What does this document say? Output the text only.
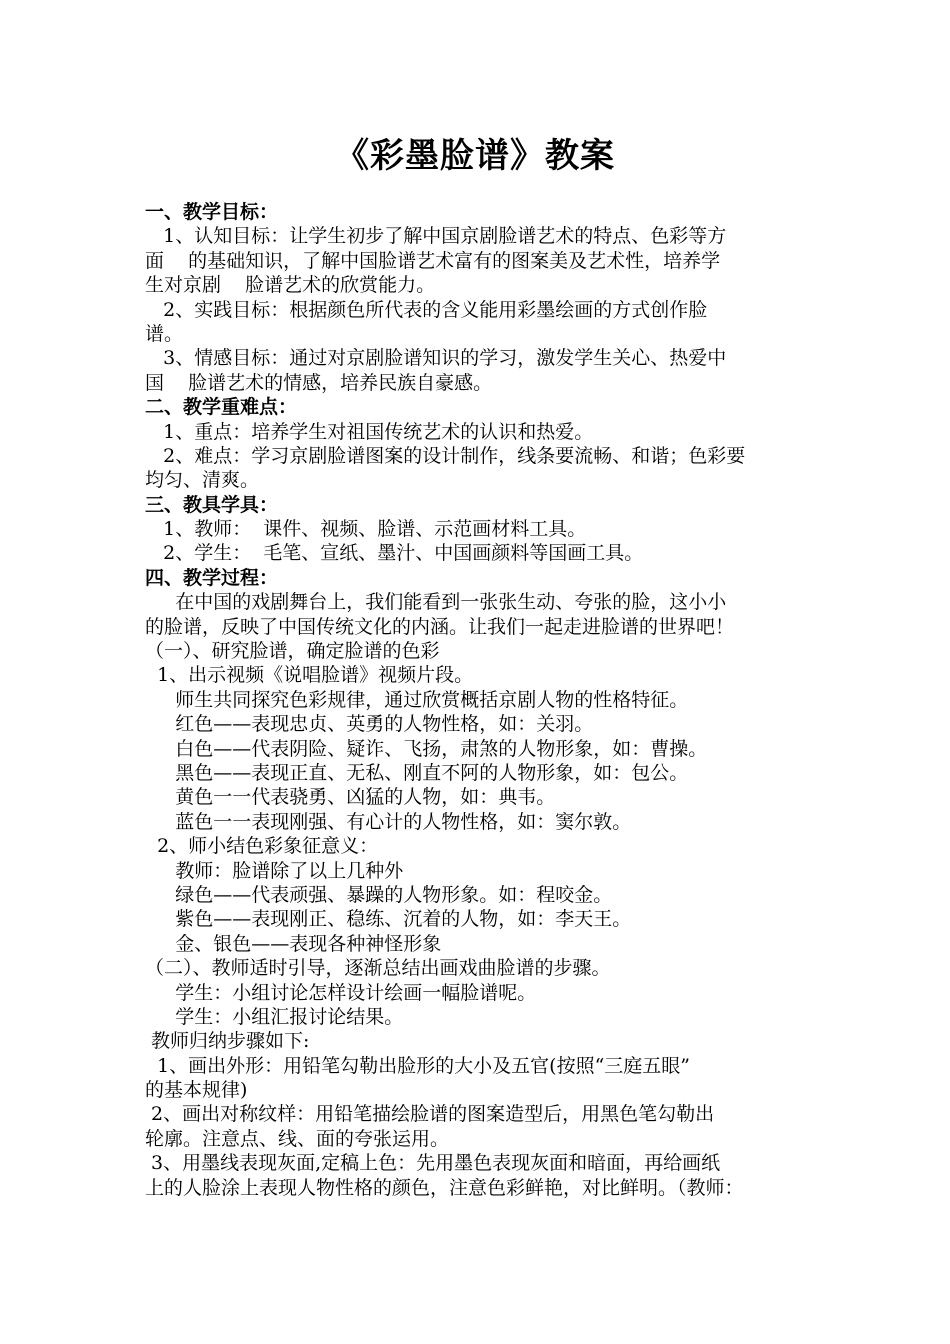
《彩墨脸谱》教案
一、教学目标：
1、认知目标：让学生初步了解中国京剧脸谱艺术的特点、色彩等方
面    的基础知识，了解中国脸谱艺术富有的图案美及艺术性，培养学
生对京剧    脸谱艺术的欣赏能力。
2、实践目标：根据颜色所代表的含义能用彩墨绘画的方式创作脸
谱。
3、情感目标：通过对京剧脸谱知识的学习，激发学生关心、热爱中
国    脸谱艺术的情感，培养民族自豪感。
二、教学重难点：
1、重点：培养学生对祖国传统艺术的认识和热爱。
2、难点：学习京剧脸谱图案的设计制作，线条要流畅、和谐；色彩要
均匀、清爽。
三、教具学具：
1、教师：  课件、视频、脸谱、示范画材料工具。
2、学生：  毛笔、宣纸、墨汁、中国画颜料等国画工具。
四、教学过程：
在中国的戏剧舞台上，我们能看到一张张生动、夸张的脸，这小小
的脸谱，反映了中国传统文化的内涵。让我们一起走进脸谱的世界吧！
（一）、研究脸谱，确定脸谱的色彩
1、出示视频《说唱脸谱》视频片段。
师生共同探究色彩规律，通过欣赏概括京剧人物的性格特征。
红色——表现忠贞、英勇的人物性格，如：关羽。
白色——代表阴险、疑诈、飞扬，肃煞的人物形象，如：曹操。
黑色——表现正直、无私、刚直不阿的人物形象，如：包公。
黄色一一代表骁勇、凶猛的人物，如：典韦。
蓝色一一表现刚强、有心计的人物性格，如：窦尔敦。
2、师小结色彩象征意义：
教师：脸谱除了以上几种外
绿色——代表顽强、暴躁的人物形象。如：程咬金。
紫色——表现刚正、稳练、沉着的人物，如：李天王。
金、银色——表现各种神怪形象
（二）、教师适时引导，逐渐总结出画戏曲脸谱的步骤。
学生：小组讨论怎样设计绘画一幅脸谱呢。
学生：小组汇报讨论结果。
教师归纳步骤如下:
1、画出外形：用铅笔勾勒出脸形的大小及五官(按照“三庭五眼”
的基本规律)
2、画出对称纹样：用铅笔描绘脸谱的图案造型后，用黑色笔勾勒出
轮廓。注意点、线、面的夸张运用。
3、用墨线表现灰面,定稿上色：先用墨色表现灰面和暗面，再给画纸
上的人脸涂上表现人物性格的颜色，注意色彩鲜艳，对比鲜明。（教师：
